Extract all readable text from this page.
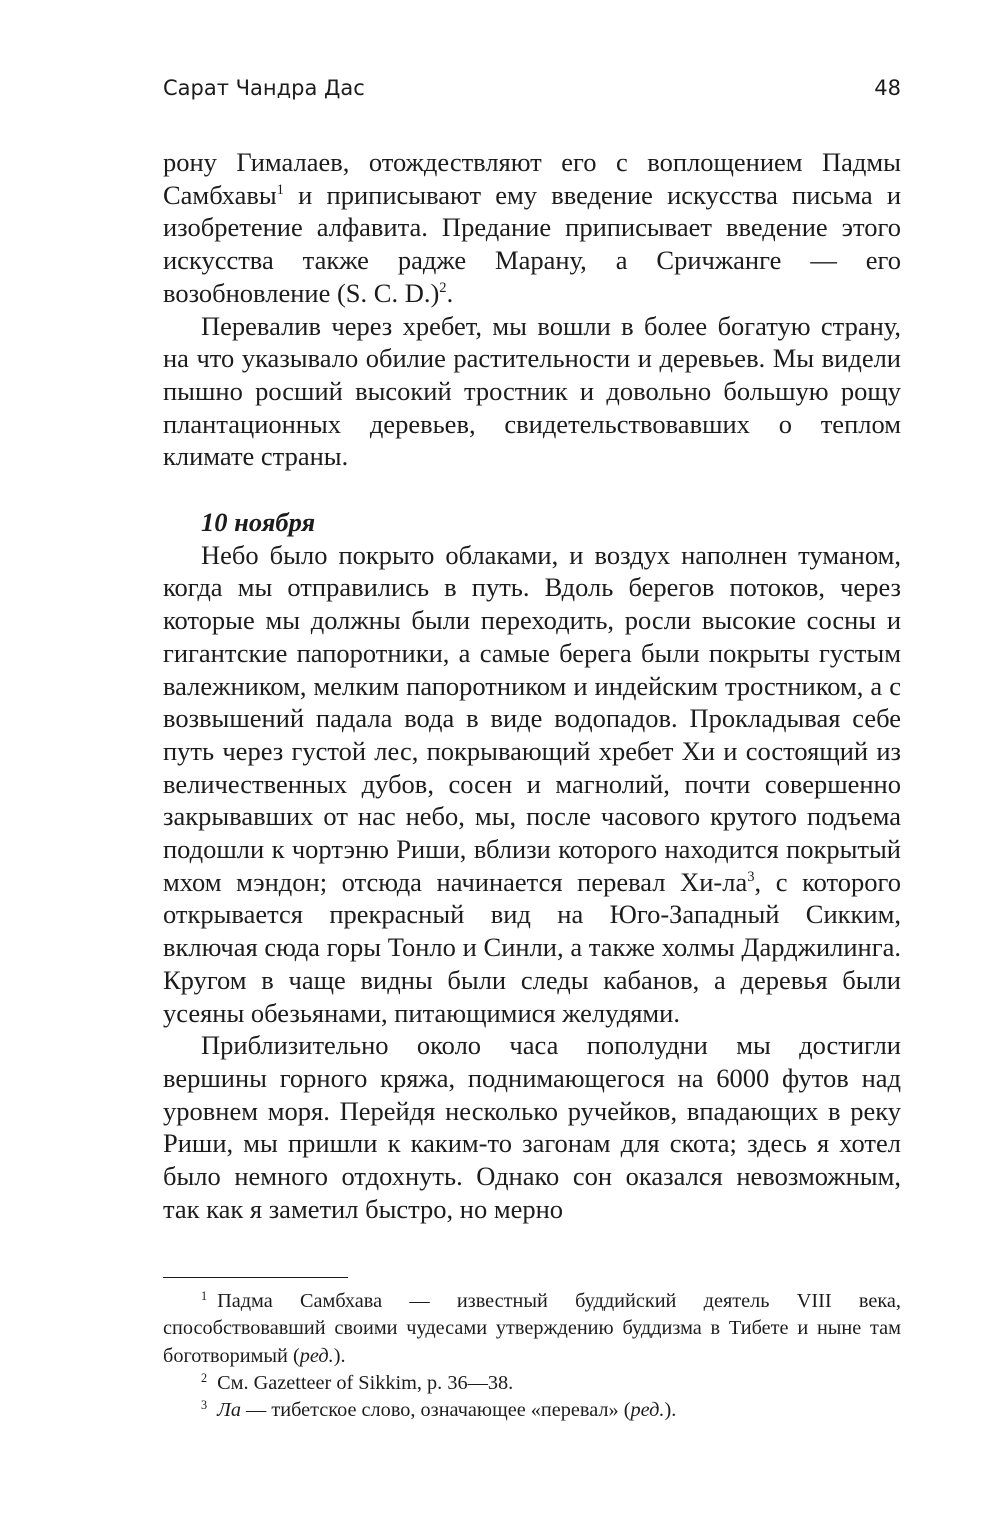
Сарат Чандра Дас	48

рону Гималаев, отождествляют его с воплощением Падмы Самбхавы$^1$ и приписывают ему введение искусства письма и изобретение алфавита. Предание приписывает введение этого искусства также радже Марану, а Сричжанге — его возобновление (S. C. D.)$^2$.

Перевалив через хребет, мы вошли в более богатую страну, на что указывало обилие растительности и деревьев. Мы видели пышно росший высокий тростник и довольно большую рощу плантационных деревьев, свидетельствовавших о теплом климате страны.

10 ноября

Небо было покрыто облаками, и воздух наполнен туманом, когда мы отправились в путь. Вдоль берегов потоков, через которые мы должны были переходить, росли высокие сосны и гигантские папоротники, а самые берега были покрыты густым валежником, мелким папоротником и индейским тростником, а с возвышений падала вода в виде водопадов. Прокладывая себе путь через густой лес, покрывающий хребет Хи и состоящий из величественных дубов, сосен и магнолий, почти совершенно закрывавших от нас небо, мы, после часового крутого подъема подошли к чортэню Риши, вблизи которого находится покрытый мхом мэндон; отсюда начинается перевал $Хи-ла^3$, с которого открывается прекрасный вид на Юго-Западный Сикким, включая сюда горы Тонло и Синли, а также холмы Дарджилинга. Кругом в чаще видны были следы кабанов, а деревья были усеяны обезьянами, питающимися желудями.

Приблизительно около часа пополудни мы достигли вершины горного кряжа, поднимающегося на 6000 футов над уровнем моря. Перейдя несколько ручейков, впадающих в реку Риши, мы пришли к каким-то загонам для скота; здесь я хотел было немного отдохнуть. Однако сон оказался невозможным, так как я заметил быстро, но мерно

$^1$ Падма Самбхава — известный буддийский деятель VIII века, способствовавший своими чудесами утверждению буддизма в Тибете и ныне там боготворимый (ред.).

$^2$ См. Gazetteer of Sikkim, p. 36—38.

$^3$ Ла — тибетское слово, означающее «перевал» (ред.).
